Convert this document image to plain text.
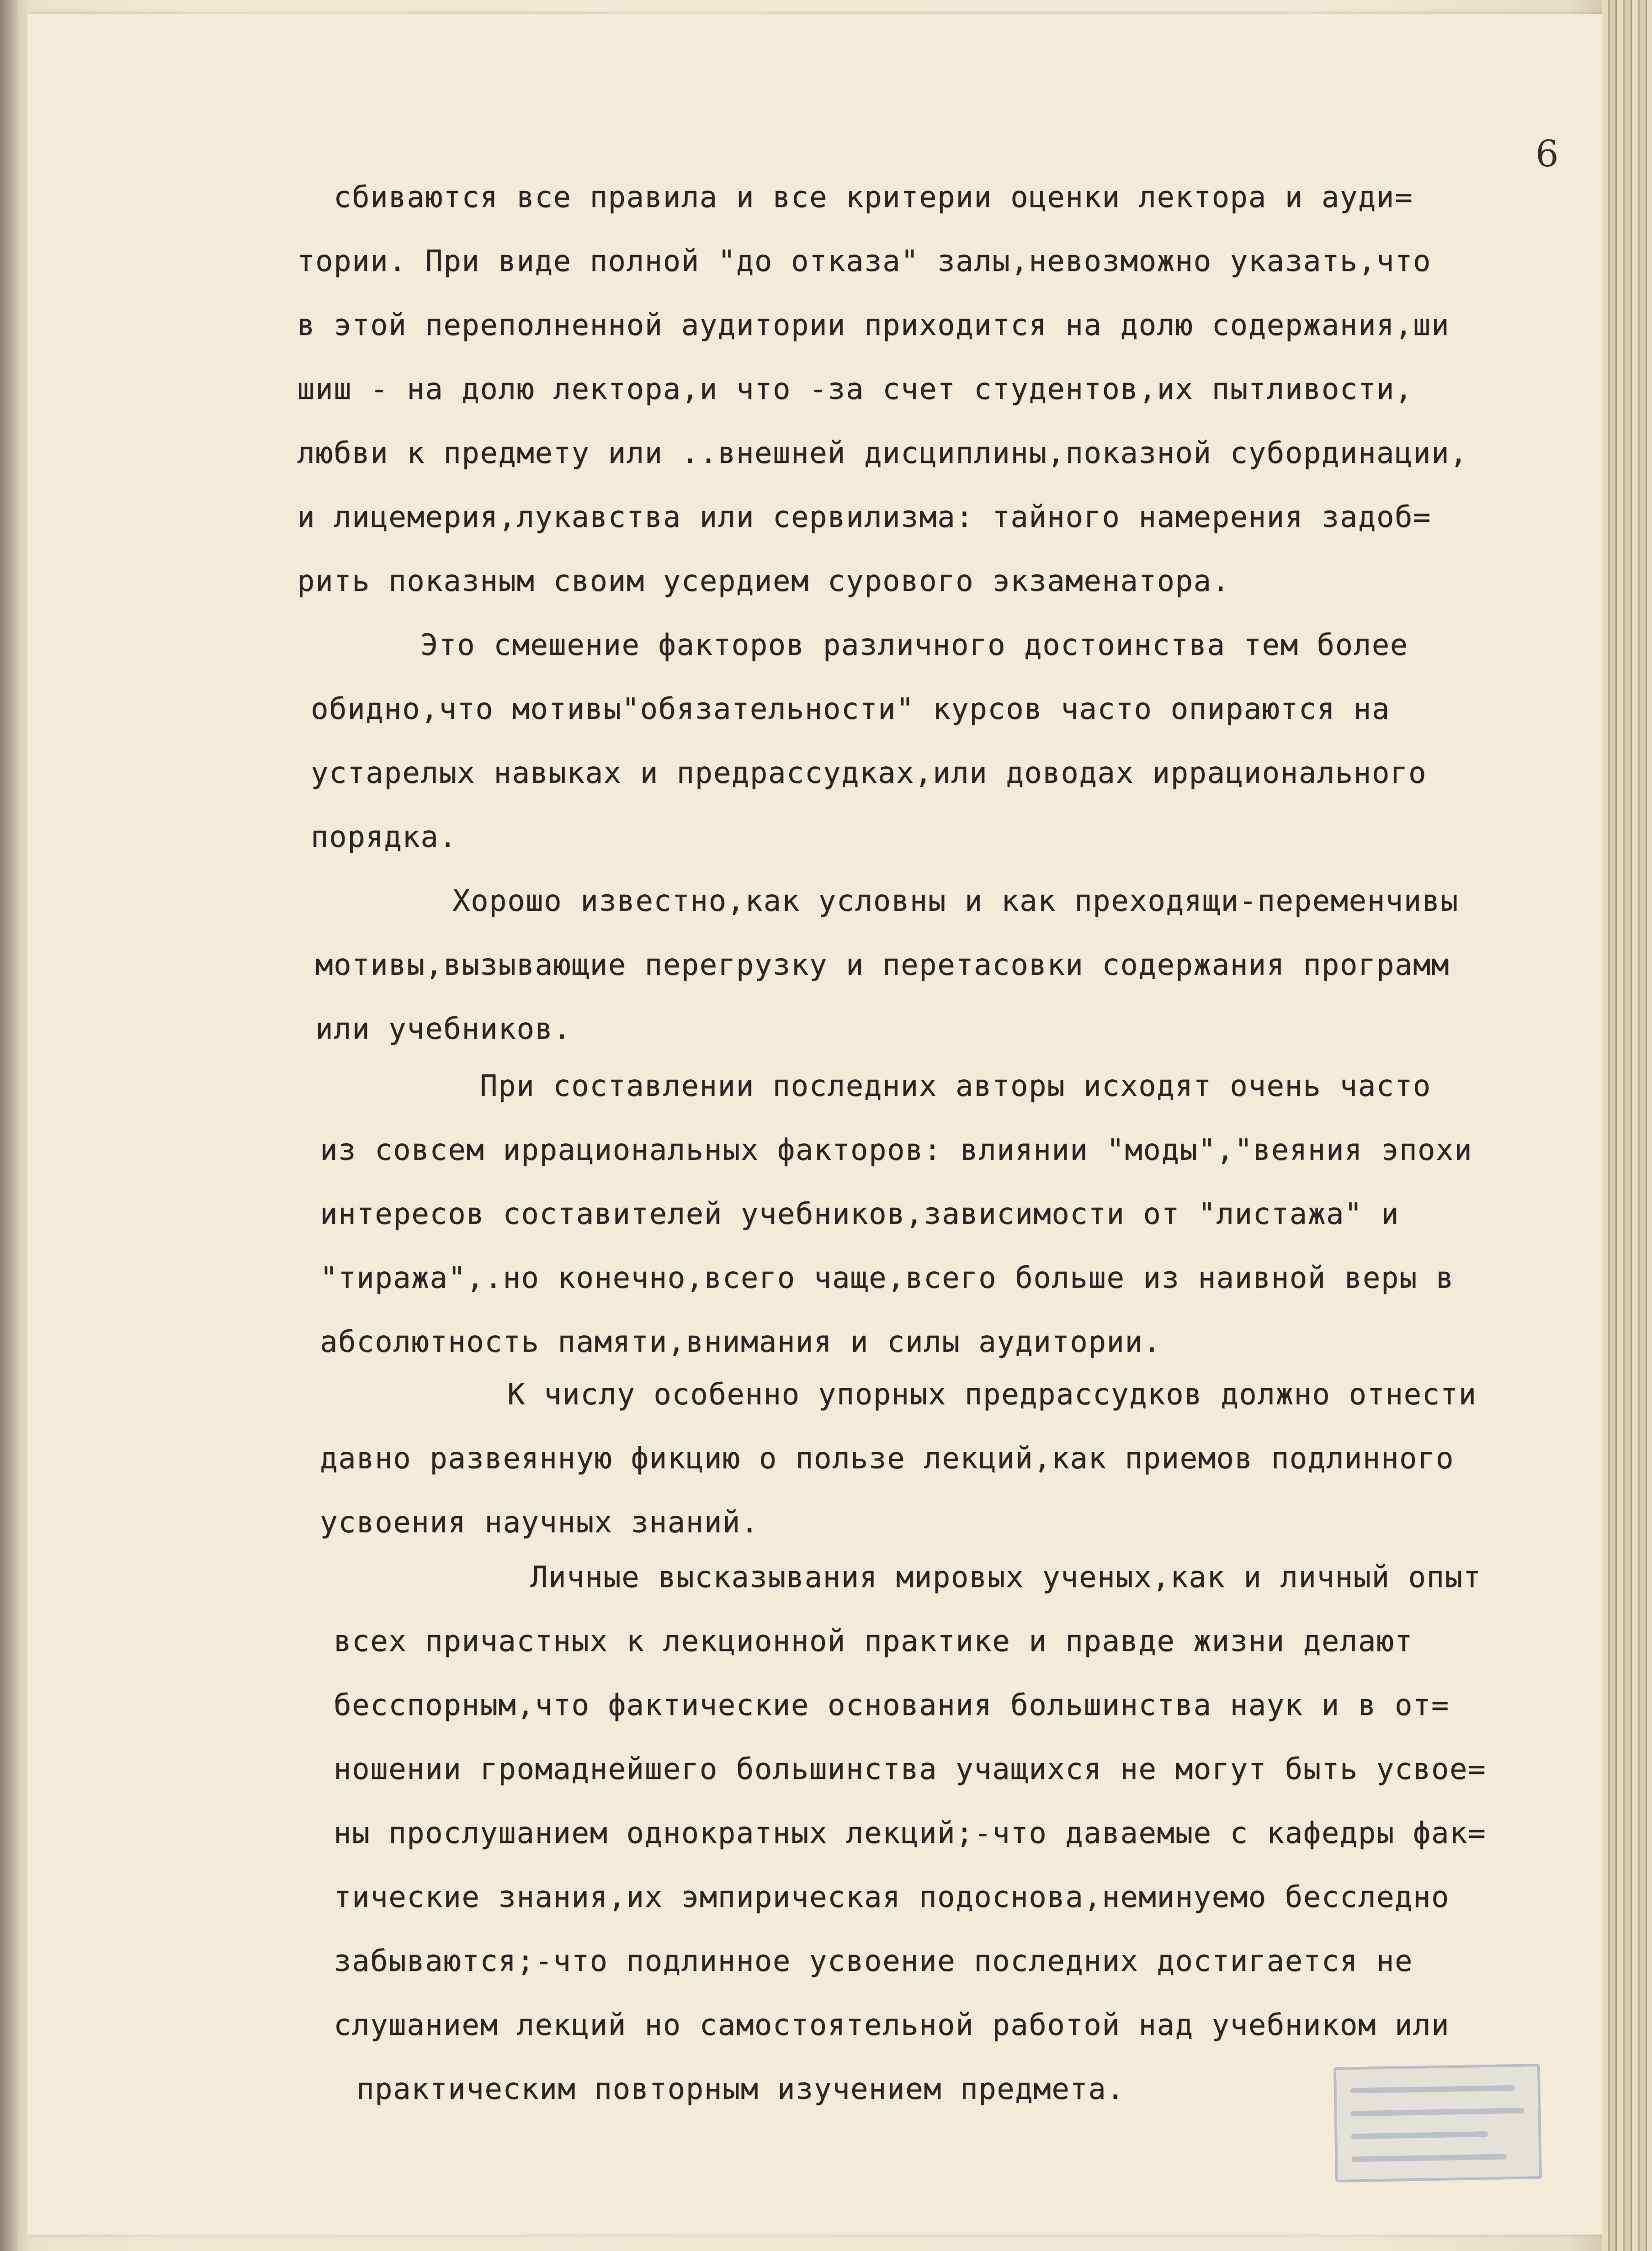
6
сбиваются все правила и все критерии оценки лектора и ауди=
тории. При виде полной "до отказа" залы,невозможно указать,что
в этой переполненной аудитории приходится на долю содержания,ши
шиш - на долю лектора,и что -за счет студентов,их пытливости,
любви к предмету или ..внешней дисциплины,показной субординации,
и лицемерия,лукавства или сервилизма: тайного намерения задоб=
рить показным своим усердием сурового экзаменатора.
Это смешение факторов различного достоинства тем более
обидно,что мотивы"обязательности" курсов часто опираются на
устарелых навыках и предрассудках,или доводах иррационального
порядка.
Хорошо известно,как условны и как преходящи-переменчивы
мотивы,вызывающие перегрузку и перетасовки содержания программ
или учебников.
При составлении последних авторы исходят очень часто
из совсем иррациональных факторов: влиянии "моды","веяния эпохи
интересов составителей учебников,зависимости от "листажа" и
"тиража",.но конечно,всего чаще,всего больше из наивной веры в
абсолютность памяти,внимания и силы аудитории.
К числу особенно упорных предрассудков должно отнести
давно развеянную фикцию о пользе лекций,как приемов подлинного
усвоения научных знаний.
Личные высказывания мировых ученых,как и личный опыт
всех причастных к лекционной практике и правде жизни делают
бесспорным,что фактические основания большинства наук и в от=
ношении громаднейшего большинства учащихся не могут быть усвое=
ны прослушанием однократных лекций;-что даваемые с кафедры фак=
тические знания,их эмпирическая подоснова,неминуемо бесследно
забываются;-что подлинное усвоение последних достигается не
слушанием лекций но самостоятельной работой над учебником или
практическим повторным изучением предмета.
